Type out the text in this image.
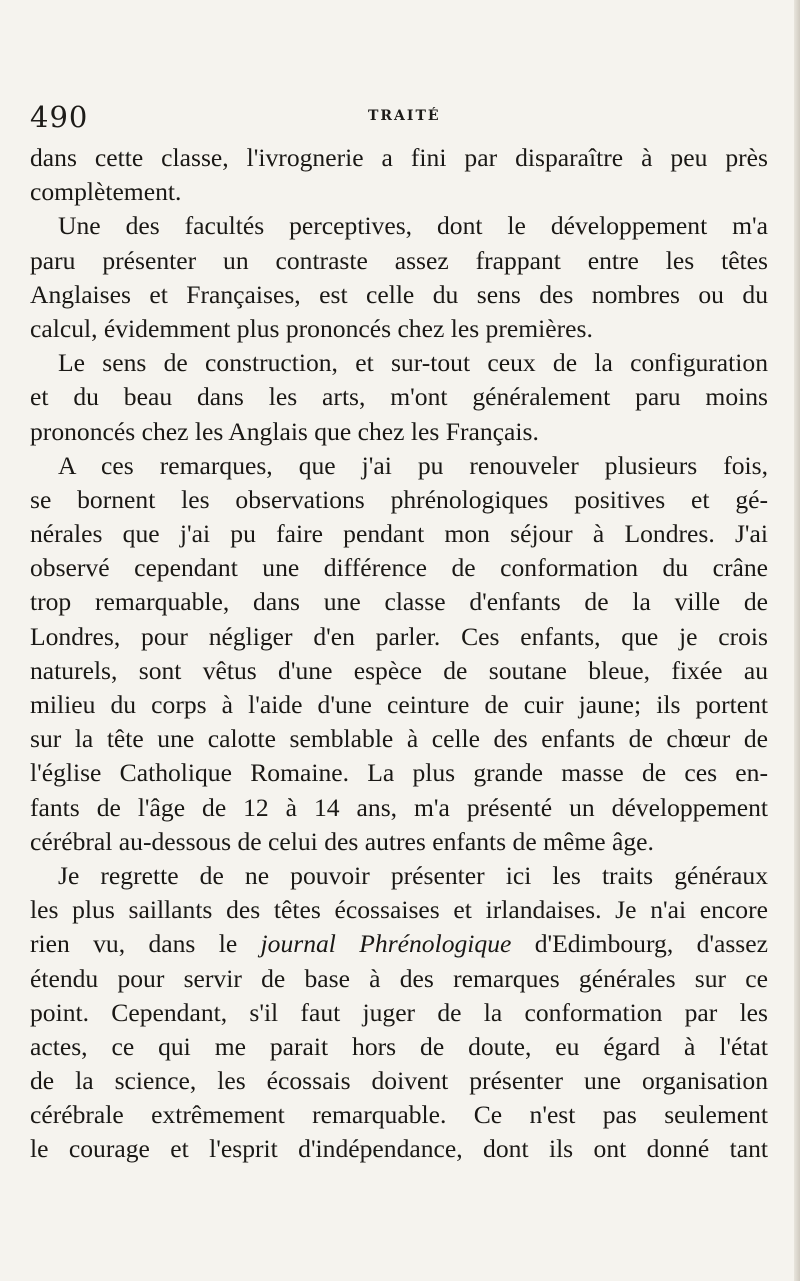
490	TRAITÉ
dans cette classe, l'ivrognerie a fini par disparaître à peu près
complètement.
Une des facultés perceptives, dont le développement m'a
paru présenter un contraste assez frappant entre les têtes
Anglaises et Françaises, est celle du sens des nombres ou du
calcul, évidemment plus prononcés chez les premières.
Le sens de construction, et sur-tout ceux de la configuration
et du beau dans les arts, m'ont généralement paru moins
prononcés chez les Anglais que chez les Français.
A ces remarques, que j'ai pu renouveler plusieurs fois,
se bornent les observations phrénologiques positives et gé-
nérales que j'ai pu faire pendant mon séjour à Londres. J'ai
observé cependant une différence de conformation du crâne
trop remarquable, dans une classe d'enfants de la ville de
Londres, pour négliger d'en parler. Ces enfants, que je crois
naturels, sont vêtus d'une espèce de soutane bleue, fixée au
milieu du corps à l'aide d'une ceinture de cuir jaune; ils portent
sur la tête une calotte semblable à celle des enfants de chœur de
l'église Catholique Romaine. La plus grande masse de ces en-
fants de l'âge de 12 à 14 ans, m'a présenté un développement
cérébral au-dessous de celui des autres enfants de même âge.
Je regrette de ne pouvoir présenter ici les traits généraux
les plus saillants des têtes écossaises et irlandaises. Je n'ai encore
rien vu, dans le journal Phrénologique d'Edimbourg, d'assez
étendu pour servir de base à des remarques générales sur ce
point. Cependant, s'il faut juger de la conformation par les
actes, ce qui me parait hors de doute, eu égard à l'état
de la science, les écossais doivent présenter une organisation
cérébrale extrêmement remarquable. Ce n'est pas seulement
le courage et l'esprit d'indépendance, dont ils ont donné tant
